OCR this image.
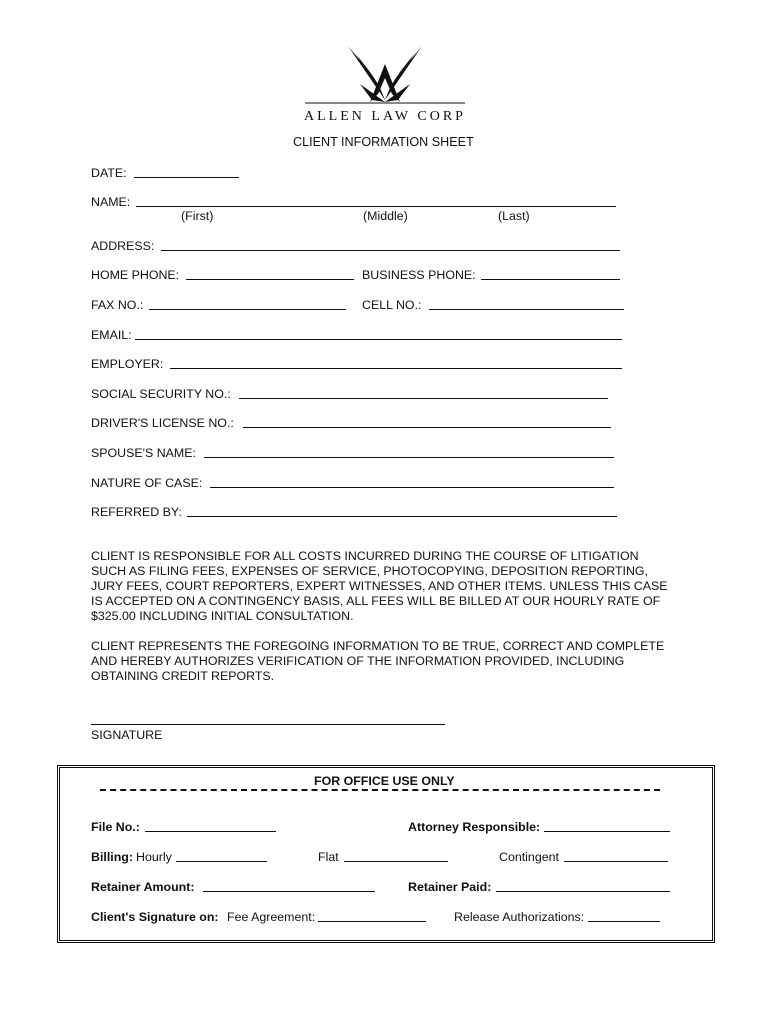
ALLEN LAW CORP
CLIENT INFORMATION SHEET
DATE:
NAME:
(First)	(Middle)	(Last)
ADDRESS:
HOME PHONE:	BUSINESS PHONE:
FAX NO.:	CELL NO.:
EMAIL:
EMPLOYER:
SOCIAL SECURITY NO.:
DRIVER'S LICENSE NO.:
SPOUSE'S NAME:
NATURE OF CASE:
REFERRED BY:
CLIENT IS RESPONSIBLE FOR ALL COSTS INCURRED DURING THE COURSE OF LITIGATION SUCH AS FILING FEES, EXPENSES OF SERVICE, PHOTOCOPYING, DEPOSITION REPORTING, JURY FEES, COURT REPORTERS, EXPERT WITNESSES, AND OTHER ITEMS. UNLESS THIS CASE IS ACCEPTED ON A CONTINGENCY BASIS, ALL FEES WILL BE BILLED AT OUR HOURLY RATE OF $325.00 INCLUDING INITIAL CONSULTATION.
CLIENT REPRESENTS THE FOREGOING INFORMATION TO BE TRUE, CORRECT AND COMPLETE AND HEREBY AUTHORIZES VERIFICATION OF THE INFORMATION PROVIDED, INCLUDING OBTAINING CREDIT REPORTS.
SIGNATURE
FOR OFFICE USE ONLY
File No.:	Attorney Responsible:
Billing: Hourly	Flat	Contingent
Retainer Amount:	Retainer Paid:
Client's Signature on: Fee Agreement:	Release Authorizations:
